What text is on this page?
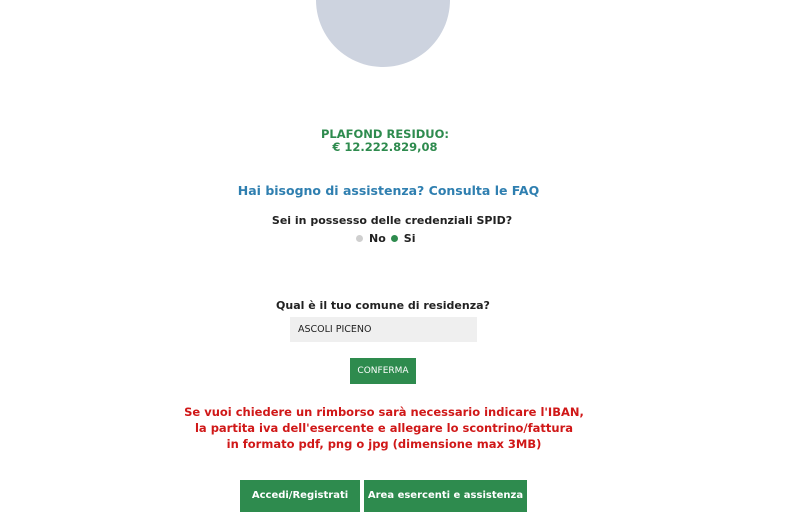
PLAFOND RESIDUO:
€ 12.222.829,08
Hai bisogno di assistenza? Consulta le FAQ
Sei in possesso delle credenziali SPID?
No Si
Qual è il tuo comune di residenza?
ASCOLI PICENO
CONFERMA
Se vuoi chiedere un rimborso sarà necessario indicare l'IBAN,
la partita iva dell'esercente e allegare lo scontrino/fattura
in formato pdf, png o jpg (dimensione max 3MB)
Accedi/Registrati	Area esercenti e assistenza
